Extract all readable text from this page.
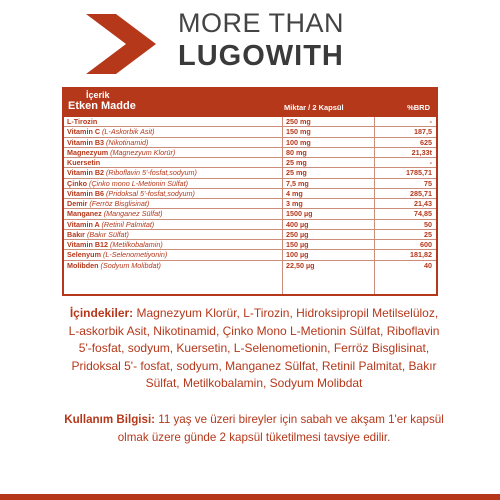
MORE THAN
LUGOWITH
İçerik
Etken Madde	Miktar / 2 Kapsül	%BRD
L-Tirozin	250 mg	-
Vitamin C (L-Askorbik Asit)	150 mg	187,5
Vitamin B3 (Nikotinamid)	100 mg	625
Magnezyum (Magnezyum Klorür)	80 mg	21,33t
Kuersetin	25 mg	-
Vitamin B2 (Riboflavin 5'-fosfat,sodyum)	25 mg	1785,71
Çinko (Çinko mono L-Metionin Sülfat)	7,5 mg	75
Vitamin B6 (Pridoksal 5'-fosfat,sodyum)	4 mg	285,71
Demir (Ferröz Bisglisinat)	3 mg	21,43
Manganez (Manganez Sülfat)	1500 µg	74,85
Vitamin A (Retinil Palmitat)	400 µg	50
Bakır (Bakır Sülfat)	250 µg	25
Vitamin B12 (Metilkobalamin)	150 µg	600
Selenyum (L-Selenometiyonin)	100 µg	181,82
Molibden (Sodyum Molibdat)	22,50 µg	40
İçindekiler: Magnezyum Klorür, L-Tirozin, Hidroksipropil Metilselüloz, L-askorbik Asit, Nikotinamid, Çinko Mono L-Metionin Sülfat, Riboflavin 5'-fosfat, sodyum, Kuersetin, L-Selenometionin, Ferröz Bisglisinat, Pridoksal 5'- fosfat, sodyum, Manganez Sülfat, Retinil Palmitat, Bakır Sülfat, Metilkobalamin, Sodyum Molibdat
Kullanım Bilgisi: 11 yaş ve üzeri bireyler için sabah ve akşam 1'er kapsül olmak üzere günde 2 kapsül tüketilmesi tavsiye edilir.
